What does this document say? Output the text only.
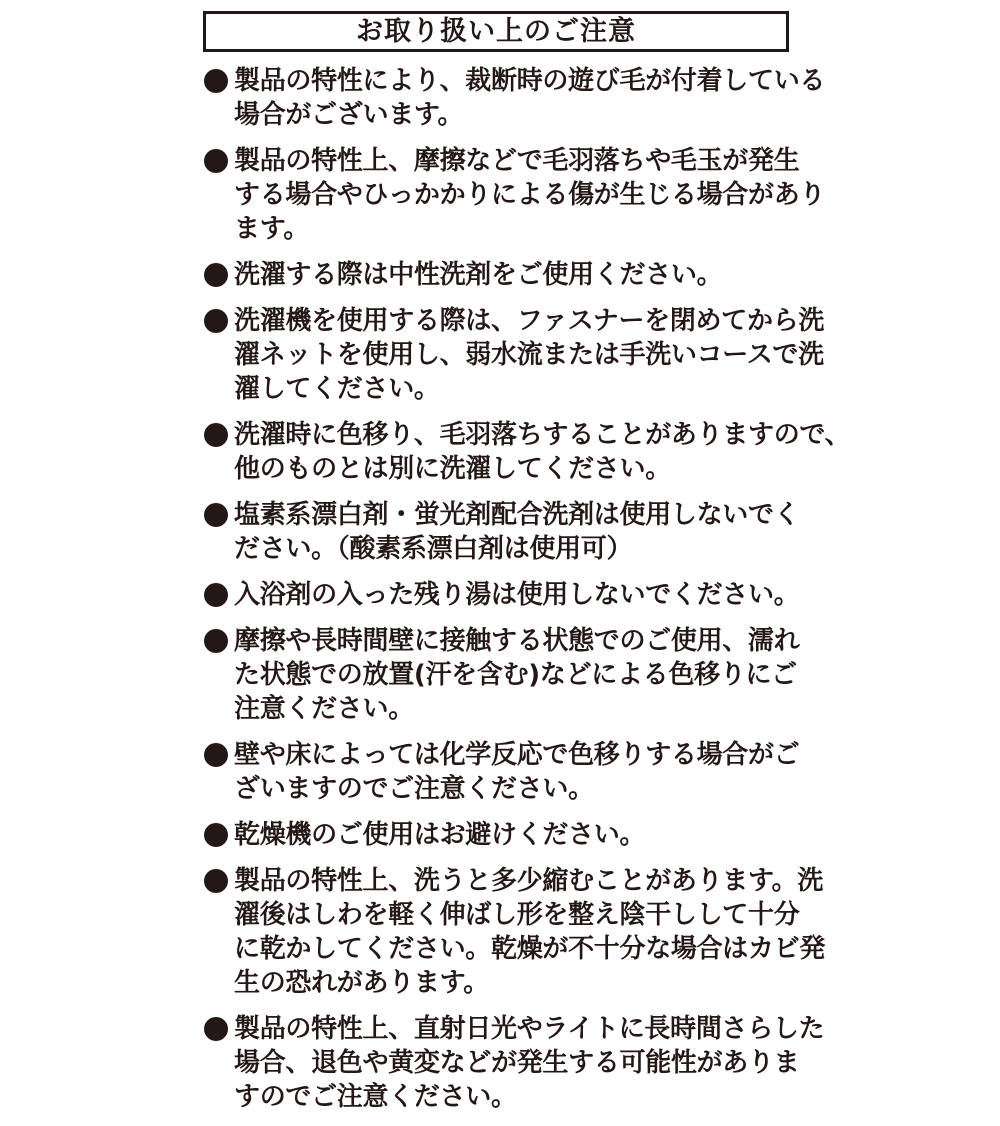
お取り扱い上のご注意
製品の特性により、裁断時の遊び毛が付着している
場合がございます。
製品の特性上、摩擦などで毛羽落ちや毛玉が発生
する場合やひっかかりによる傷が生じる場合があり
ます。
洗濯する際は中性洗剤をご使用ください。
洗濯機を使用する際は、ファスナーを閉めてから洗
濯ネットを使用し、弱水流または手洗いコースで洗
濯してください。
洗濯時に色移り、毛羽落ちすることがありますので、
他のものとは別に洗濯してください。
塩素系漂白剤・蛍光剤配合洗剤は使用しないでく
ださい。（酸素系漂白剤は使用可）
入浴剤の入った残り湯は使用しないでください。
摩擦や長時間壁に接触する状態でのご使用、濡れ
た状態での放置(汗を含む)などによる色移りにご
注意ください。
壁や床によっては化学反応で色移りする場合がご
ざいますのでご注意ください。
乾燥機のご使用はお避けください。
製品の特性上、洗うと多少縮むことがあります。洗
濯後はしわを軽く伸ばし形を整え陰干しして十分
に乾かしてください。乾燥が不十分な場合はカビ発
生の恐れがあります。
製品の特性上、直射日光やライトに長時間さらした
場合、退色や黄変などが発生する可能性がありま
すのでご注意ください。
